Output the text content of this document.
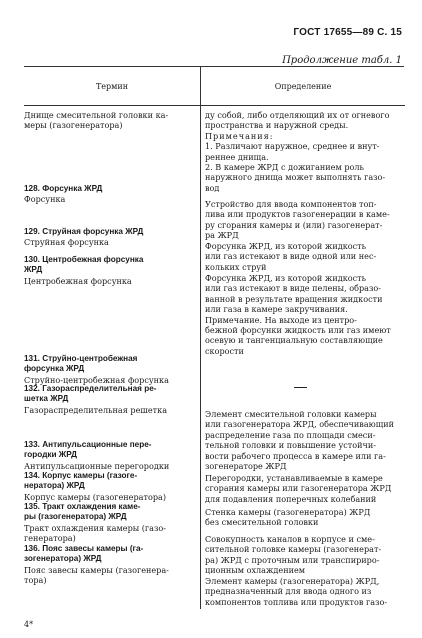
ГОСТ 17655—89 С. 15
Продолжение табл. 1
Термин	Определение
Днище смесительной головки ка-
меры (газогенератора)
128. Форсунка ЖРД
Форсунка
129. Струйная форсунка ЖРД
Струйная форсунка
130. Центробежная форсунка
ЖРД
Центробежная форсунка
131. Струйно-центробежная
форсунка ЖРД
Струйно-центробежная форсунка
132. Газораспределительная ре-
шетка ЖРД
Газораспределительная решетка
133. Антипульсационные пере-
городки ЖРД
Антипульсационные перегородки
134. Корпус камеры (газоге-
нератора) ЖРД
Корпус камеры (газогенератора)
135. Тракт охлаждения каме-
ры (газогенератора) ЖРД
Тракт охлаждения камеры (газо-
генератора)
136. Пояс завесы камеры (га-
зогенератора) ЖРД
Пояс завесы камеры (газогенера-
тора)
ду собой, либо отделяющий их от огневого
пространства и наружной среды.
Примечания:
1. Различают наружное, среднее и внут-
реннее днища.
2. В камере ЖРД с дожиганием роль
наружного днища может выполнять газо-
вод
Устройство для ввода компонентов топ-
лива или продуктов газогенерации в каме-
ру сгорания камеры и (или) газогенерат-
ра ЖРД
Форсунка ЖРД, из которой жидкость
или газ истекают в виде одной или нес-
кольких струй
Форсунка ЖРД, из которой жидкость
или газ истекают в виде пелены, образо-
ванной в результате вращения жидкости
или газа в камере закручивания.
Примечание. На выходе из центро-
бежной форсунки жидкость или газ имеют
осевую и тангенциальную составляющие
скорости
Элемент смесительной головки камеры
или газогенератора ЖРД, обеспечивающий
распределение газа по площади смеси-
тельной головки и повышение устойчи-
вости рабочего процесса в камере или га-
зогенераторе ЖРД
Перегородки, устанавливаемые в камере
сгорания камеры или газогенератора ЖРД
для подавления поперечных колебаний
Стенка камеры (газогенератора) ЖРД
без смесительной головки
Совокупность каналов в корпусе и сме-
сительной головке камеры (газогенерат-
ра) ЖРД с проточным или транспириро-
ционным охлаждением
Элемент камеры (газогенератора) ЖРД,
предназначенный для ввода одного из
компонентов топлива или продуктов газо-
4*
